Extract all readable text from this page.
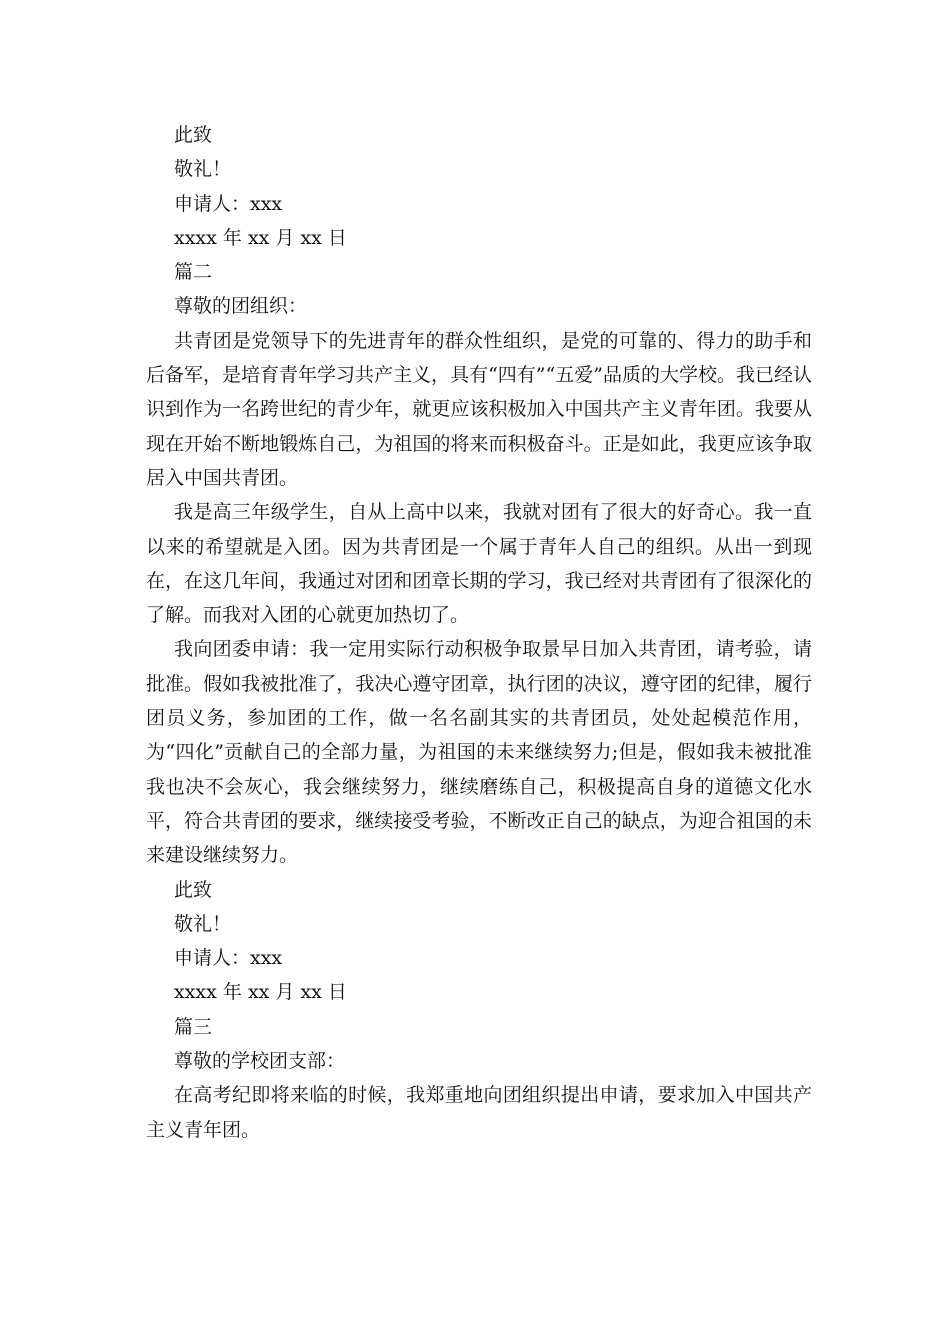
此致

敬礼！

申请人：xxx

xxxx 年 xx 月 xx 日

篇二

尊敬的团组织：

共青团是党领导下的先进青年的群众性组织，是党的可靠的、得力的助手和后备军，是培育青年学习共产主义，具有“四有”“五爱”品质的大学校。我已经认识到作为一名跨世纪的青少年，就更应该积极加入中国共产主义青年团。我要从现在开始不断地锻炼自己，为祖国的将来而积极奋斗。正是如此，我更应该争取居入中国共青团。

我是高三年级学生，自从上高中以来，我就对团有了很大的好奇心。我一直以来的希望就是入团。因为共青团是一个属于青年人自己的组织。从出一到现在，在这几年间，我通过对团和团章长期的学习，我已经对共青团有了很深化的了解。而我对入团的心就更加热切了。

我向团委申请：我一定用实际行动积极争取景早日加入共青团，请考验，请批准。假如我被批准了，我决心遵守团章，执行团的决议，遵守团的纪律，履行团员义务，参加团的工作，做一名名副其实的共青团员，处处起模范作用，为“四化”贡献自己的全部力量，为祖国的未来继续努力;但是，假如我未被批准我也决不会灰心，我会继续努力，继续磨练自己，积极提高自身的道德文化水平，符合共青团的要求，继续接受考验，不断改正自己的缺点，为迎合祖国的未来建设继续努力。

此致

敬礼！

申请人：xxx

xxxx 年 xx 月 xx 日

篇三

尊敬的学校团支部：

在高考纪即将来临的时候，我郑重地向团组织提出申请，要求加入中国共产主义青年团。
